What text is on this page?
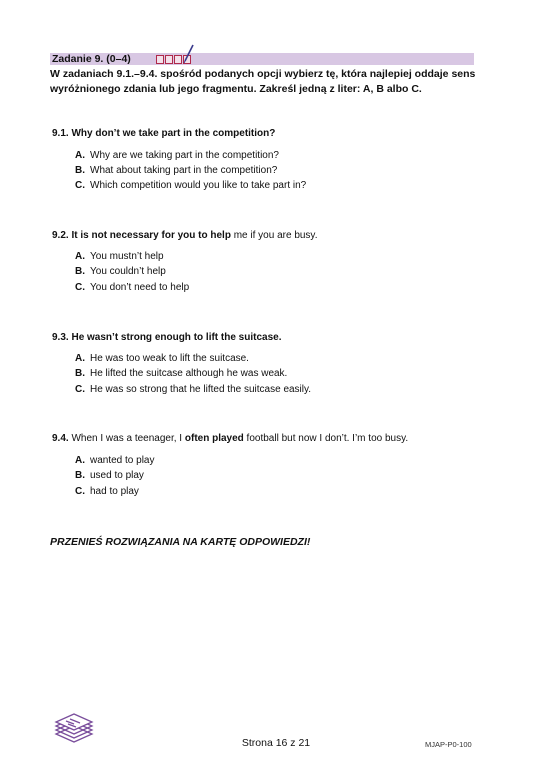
Zadanie 9. (0–4)
W zadaniach 9.1.–9.4. spośród podanych opcji wybierz tę, która najlepiej oddaje sens
wyróżnionego zdania lub jego fragmentu. Zakreśl jedną z liter: A, B albo C.
9.1. Why don’t we take part in the competition?
A. Why are we taking part in the competition?
B. What about taking part in the competition?
C. Which competition would you like to take part in?
9.2. It is not necessary for you to help me if you are busy.
A. You mustn’t help
B. You couldn’t help
C. You don’t need to help
9.3. He wasn’t strong enough to lift the suitcase.
A. He was too weak to lift the suitcase.
B. He lifted the suitcase although he was weak.
C. He was so strong that he lifted the suitcase easily.
9.4. When I was a teenager, I often played football but now I don’t. I’m too busy.
A. wanted to play
B. used to play
C. had to play
PRZENIEŚ ROZWIĄZANIA NA KARTĘ ODPOWIEDZI!
Strona 16 z 21	MJAP-P0-100
